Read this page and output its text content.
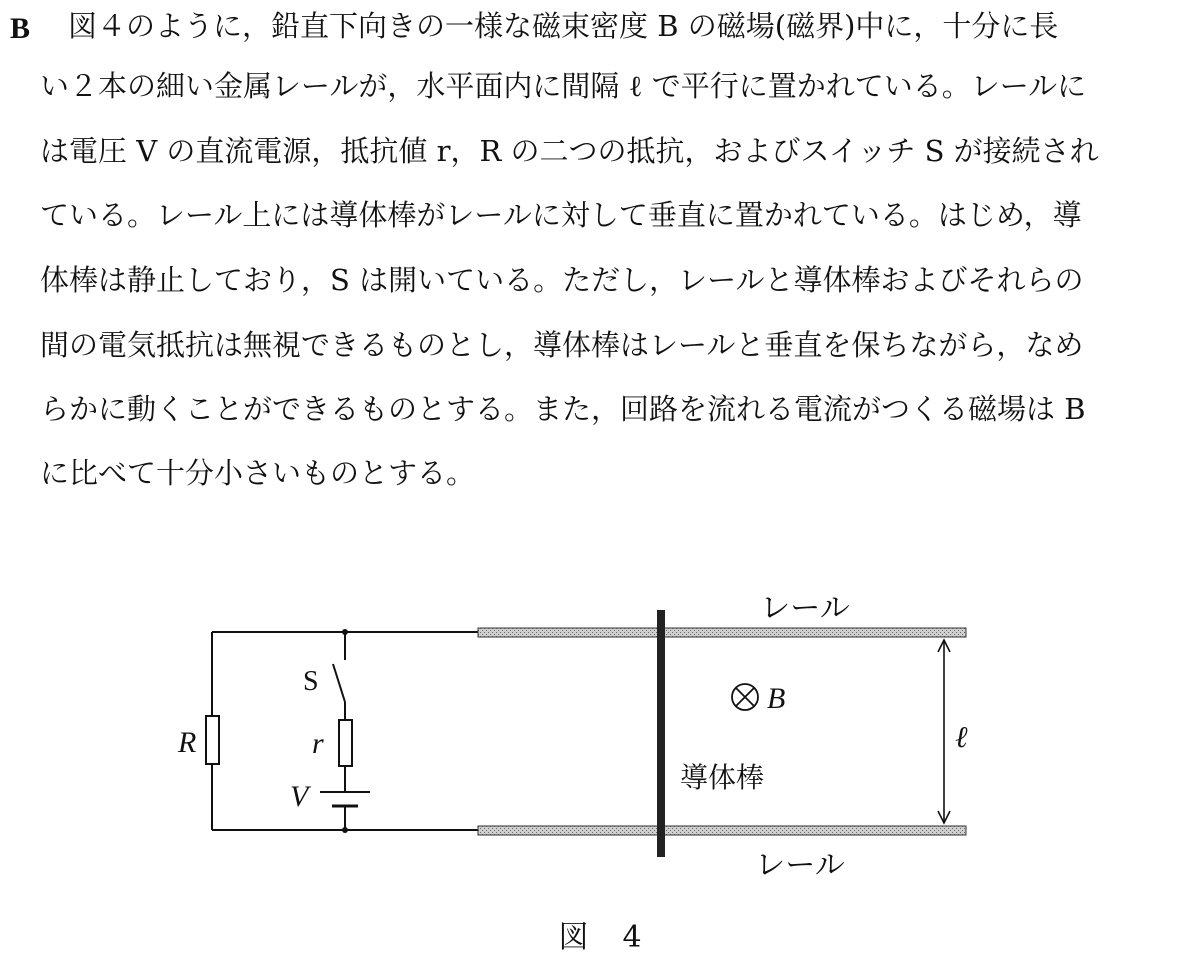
B 図４のように，鉛直下向きの一様な磁束密度 B の磁場(磁界)中に，十分に長
い２本の細い金属レールが，水平面内に間隔 ℓ で平行に置かれている。レールに
は電圧 V の直流電源，抵抗値 r，R の二つの抵抗，およびスイッチ S が接続され
ている。レール上には導体棒がレールに対して垂直に置かれている。はじめ，導
体棒は静止しており，S は開いている。ただし，レールと導体棒およびそれらの
間の電気抵抗は無視できるものとし，導体棒はレールと垂直を保ちながら，なめ
らかに動くことができるものとする。また，回路を流れる電流がつくる磁場は B
に比べて十分小さいものとする。
レール
レール
S
r
R
V
B
ℓ
導体棒
図 4
